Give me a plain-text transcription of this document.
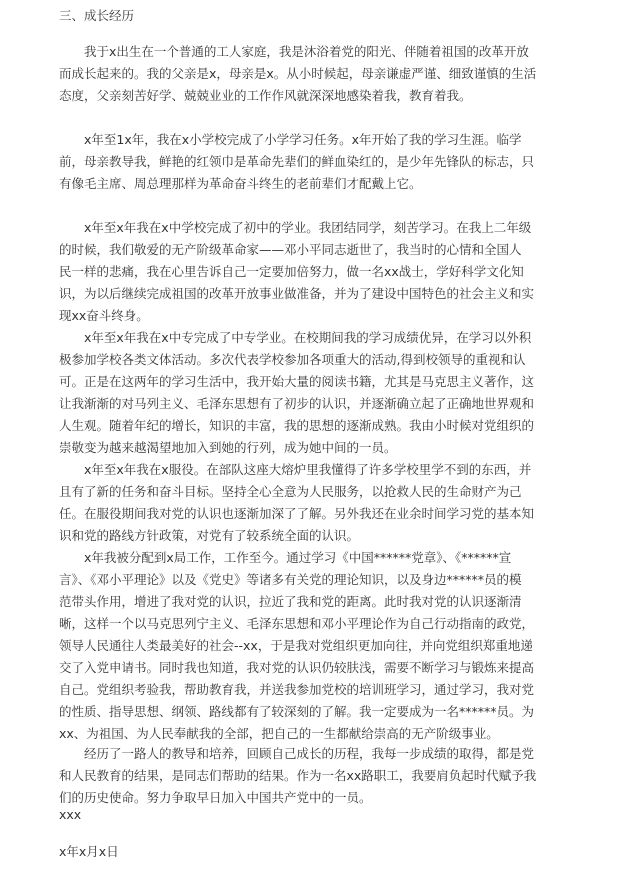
三、成长经历
我于x出生在一个普通的工人家庭，我是沐浴着党的阳光、伴随着祖国的改革开放
而成长起来的。我的父亲是x，母亲是x。从小时候起，母亲谦虚严谨、细致谨慎的生活
态度，父亲刻苦好学、兢兢业业的工作作风就深深地感染着我，教育着我。
x年至1x年，我在x小学校完成了小学学习任务。x年开始了我的学习生涯。临学
前，母亲教导我，鲜艳的红领巾是革命先辈们的鲜血染红的，是少年先锋队的标志，只
有像毛主席、周总理那样为革命奋斗终生的老前辈们才配戴上它。
x年至x年我在x中学校完成了初中的学业。我团结同学，刻苦学习。在我上二年级
的时候，我们敬爱的无产阶级革命家——邓小平同志逝世了，我当时的心情和全国人
民一样的悲痛，我在心里告诉自己一定要加倍努力，做一名xx战士，学好科学文化知
识，为以后继续完成祖国的改革开放事业做准备，并为了建设中国特色的社会主义和实
现xx奋斗终身。
x年至x年我在x中专完成了中专学业。在校期间我的学习成绩优异，在学习以外积
极参加学校各类文体活动。多次代表学校参加各项重大的活动,得到校领导的重视和认
可。正是在这两年的学习生活中，我开始大量的阅读书籍，尤其是马克思主义著作，这
让我渐渐的对马列主义、毛泽东思想有了初步的认识，并逐渐确立起了正确地世界观和
人生观。随着年纪的增长，知识的丰富，我的思想的逐渐成熟。我由小时候对党组织的
崇敬变为越来越渴望地加入到她的行列，成为她中间的一员。
x年至x年我在x服役。在部队这座大熔炉里我懂得了许多学校里学不到的东西，并
且有了新的任务和奋斗目标。坚持全心全意为人民服务，以抢救人民的生命财产为己
任。在服役期间我对党的认识也逐渐加深了了解。另外我还在业余时间学习党的基本知
识和党的路线方针政策，对党有了较系统全面的认识。
x年我被分配到x局工作，工作至今。通过学习《中国******党章》、《******宣
言》、《邓小平理论》以及《党史》等诸多有关党的理论知识，以及身边******员的模
范带头作用，增进了我对党的认识，拉近了我和党的距离。此时我对党的认识逐渐清
晰，这样一个以马克思列宁主义、毛泽东思想和邓小平理论作为自己行动指南的政党，
领导人民通往人类最美好的社会--xx，于是我对党组织更加向往，并向党组织郑重地递
交了入党申请书。同时我也知道，我对党的认识仍较肤浅，需要不断学习与锻炼来提高
自己。党组织考验我，帮助教育我，并送我参加党校的培训班学习，通过学习，我对党
的性质、指导思想、纲领、路线都有了较深刻的了解。我一定要成为一名******员。为
xx、为祖国、为人民奉献我的全部，把自己的一生都献给崇高的无产阶级事业。
经历了一路人的教导和培养，回顾自己成长的历程，我每一步成绩的取得，都是党
和人民教育的结果，是同志们帮助的结果。作为一名xx路职工，我要肩负起时代赋予我
们的历史使命。努力争取早日加入中国共产党中的一员。
xxx
x年x月x日
